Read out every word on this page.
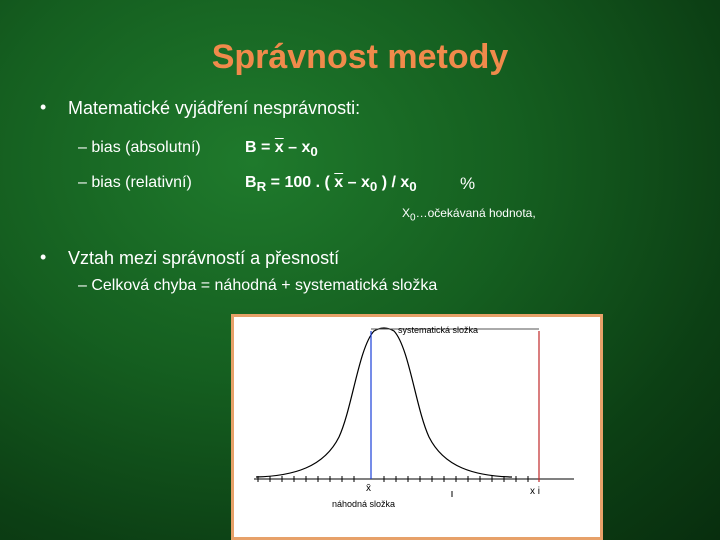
Správnost metody
• Matematické vyjádření nesprávnosti:
– bias (absolutní)	$B = \overline{x} - x_0$
– bias (relativní)	$B_R = 100$ . ( $\overline{x} - x_0$ ) / $x_0$	%
$X_0\dots očekávaná$ hodnota,
• Vztah mezi správností a přesností
– Celková chyba = náhodná + systematická složka
systematická složka
x̄
náhodná složka
x i
